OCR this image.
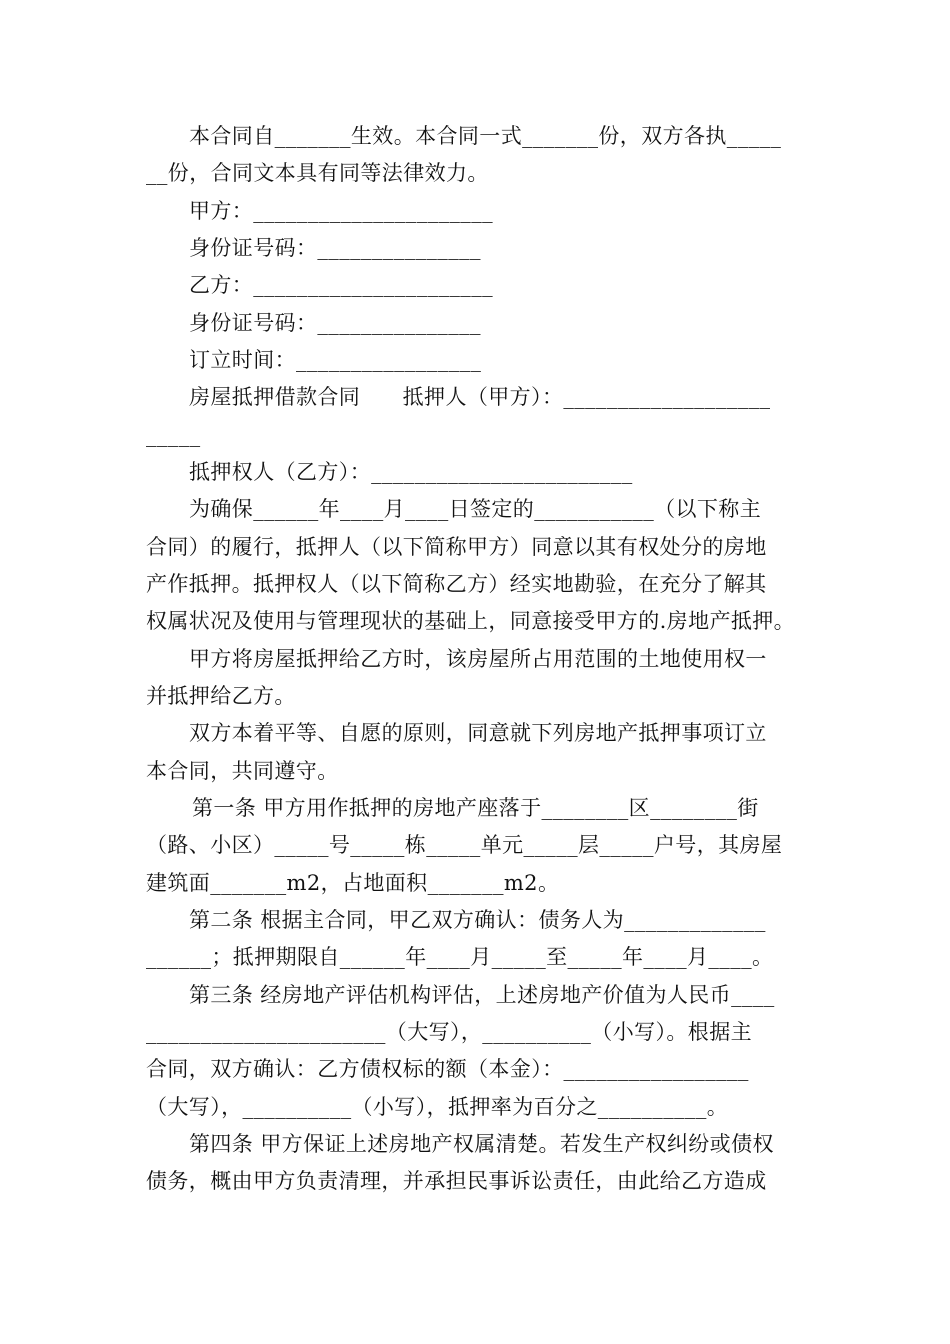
本合同自_______生效。本合同一式_______份，双方各执_____
__份，合同文本具有同等法律效力。
甲方：______________________
身份证号码：_______________
乙方：______________________
身份证号码：_______________
订立时间：_________________
房屋抵押借款合同      抵押人（甲方）：___________________
_____
抵押权人（乙方）：________________________
为确保______年____月____日签定的___________（以下称主
合同）的履行，抵押人（以下简称甲方）同意以其有权处分的房地
产作抵押。抵押权人（以下简称乙方）经实地勘验，在充分了解其
权属状况及使用与管理现状的基础上，同意接受甲方的.房地产抵押。
甲方将房屋抵押给乙方时，该房屋所占用范围的土地使用权一
并抵押给乙方。
双方本着平等、自愿的原则，同意就下列房地产抵押事项订立
本合同，共同遵守。
第一条 甲方用作抵押的房地产座落于________区________街
（路、小区）_____号_____栋_____单元_____层_____户号，其房屋
建筑面_______m2，占地面积_______m2。
第二条 根据主合同，甲乙双方确认：债务人为_____________
______；抵押期限自______年____月_____至_____年____月____。
第三条 经房地产评估机构评估，上述房地产价值为人民币____
______________________（大写），__________（小写）。根据主
合同，双方确认：乙方债权标的额（本金）：_________________
（大写），__________（小写），抵押率为百分之__________。
第四条 甲方保证上述房地产权属清楚。若发生产权纠纷或债权
债务，概由甲方负责清理，并承担民事诉讼责任，由此给乙方造成
